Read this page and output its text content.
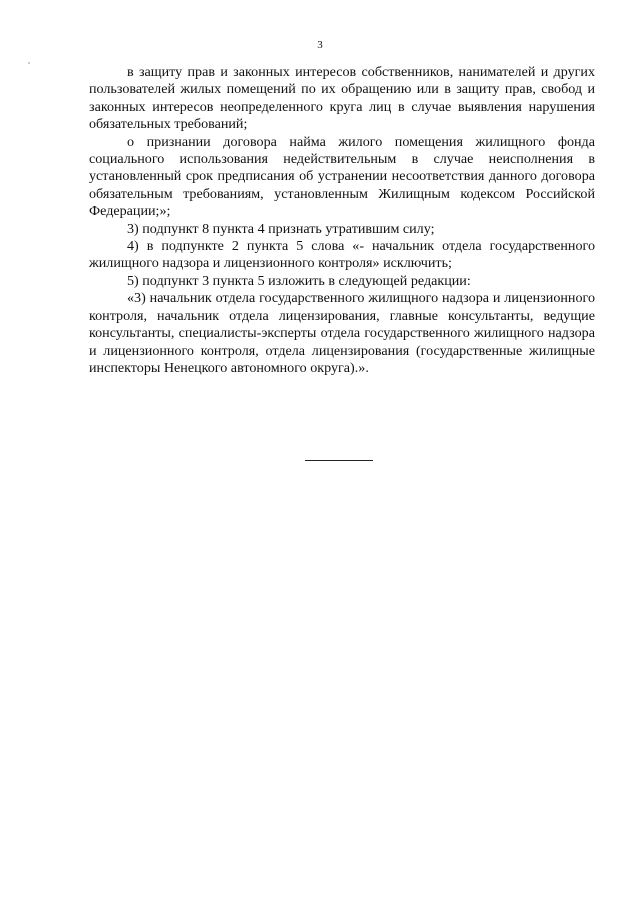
3

в защиту прав и законных интересов собственников, нанимателей и других пользователей жилых помещений по их обращению или в защиту прав, свобод и законных интересов неопределенного круга лиц в случае выявления нарушения обязательных требований;

о признании договора найма жилого помещения жилищного фонда социального использования недействительным в случае неисполнения в установленный срок предписания об устранении несоответствия данного договора обязательным требованиям, установленным Жилищным кодексом Российской Федерации;»;

3) подпункт 8 пункта 4 признать утратившим силу;

4) в подпункте 2 пункта 5 слова «- начальник отдела государственного жилищного надзора и лицензионного контроля» исключить;

5) подпункт 3 пункта 5 изложить в следующей редакции:

«3) начальник отдела государственного жилищного надзора и лицензионного контроля, начальник отдела лицензирования, главные консультанты, ведущие консультанты, специалисты-эксперты отдела государственного жилищного надзора и лицензионного контроля, отдела лицензирования (государственные жилищные инспекторы Ненецкого автономного округа).».
